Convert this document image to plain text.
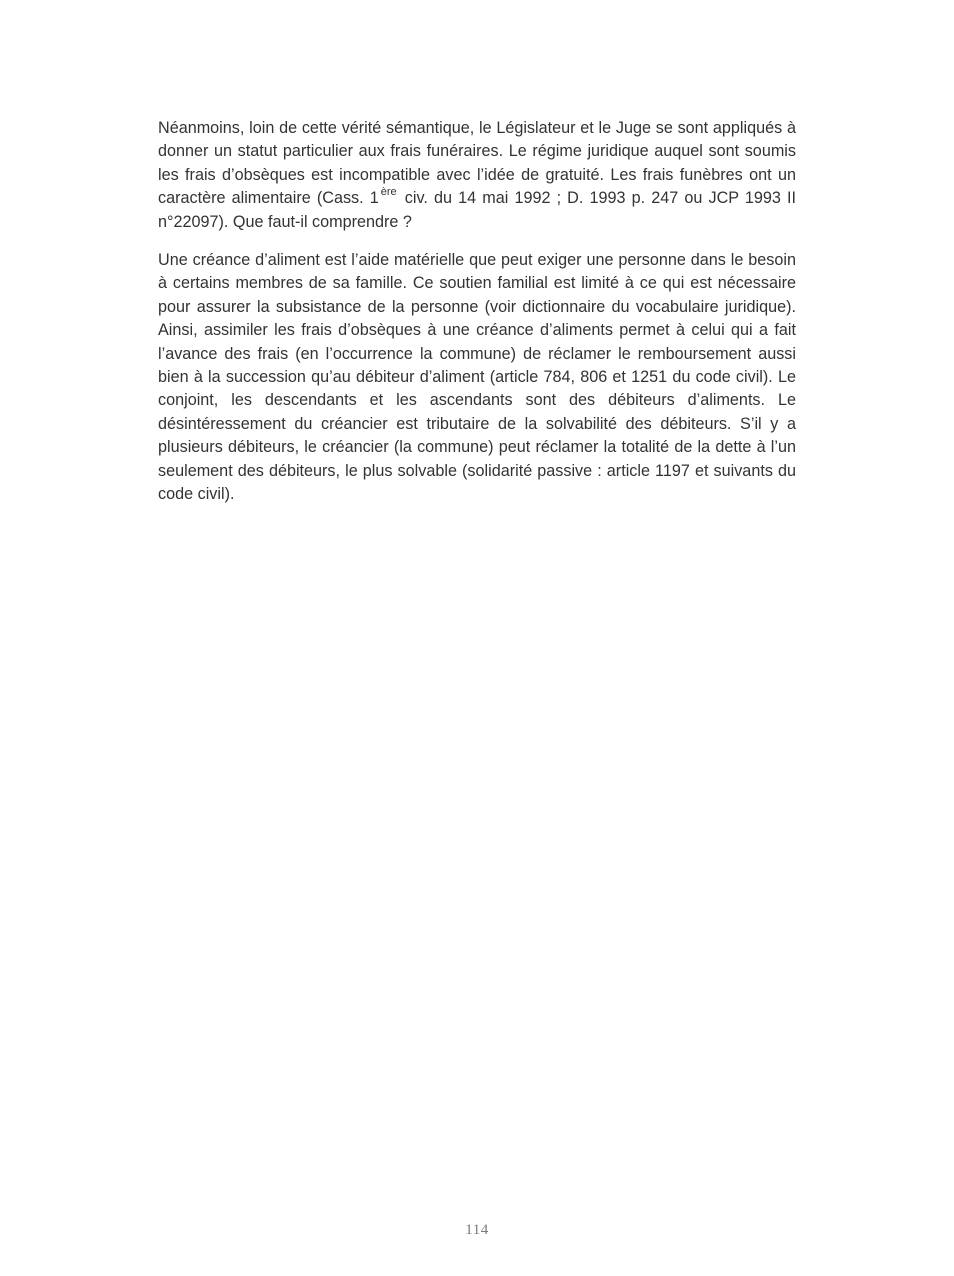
Néanmoins, loin de cette vérité sémantique, le Législateur et le Juge se sont appliqués à donner un statut particulier aux frais funéraires. Le régime juridique auquel sont soumis les frais d’obsèques est incompatible avec l’idée de gratuité. Les frais funèbres ont un caractère alimentaire (Cass. 1 $^{ère}$ civ. du 14 mai 1992 ; D. 1993 p. 247 ou JCP 1993 II n°22097). Que faut-il comprendre ?

Une créance d’aliment est l’aide matérielle que peut exiger une personne dans le besoin à certains membres de sa famille. Ce soutien familial est limité à ce qui est nécessaire pour assurer la subsistance de la personne (voir dictionnaire du vocabulaire juridique). Ainsi, assimiler les frais d’obsèques à une créance d’aliments permet à celui qui a fait l’avance des frais (en l’occurrence la commune) de réclamer le remboursement aussi bien à la succession qu’au débiteur d’aliment (article 784, 806 et 1251 du code civil). Le conjoint, les descendants et les ascendants sont des débiteurs d’aliments. Le désintéressement du créancier est tributaire de la solvabilité des débiteurs. S’il y a plusieurs débiteurs, le créancier (la commune) peut réclamer la totalité de la dette à l’un seulement des débiteurs, le plus solvable (solidarité passive : article 1197 et suivants du code civil).

114
